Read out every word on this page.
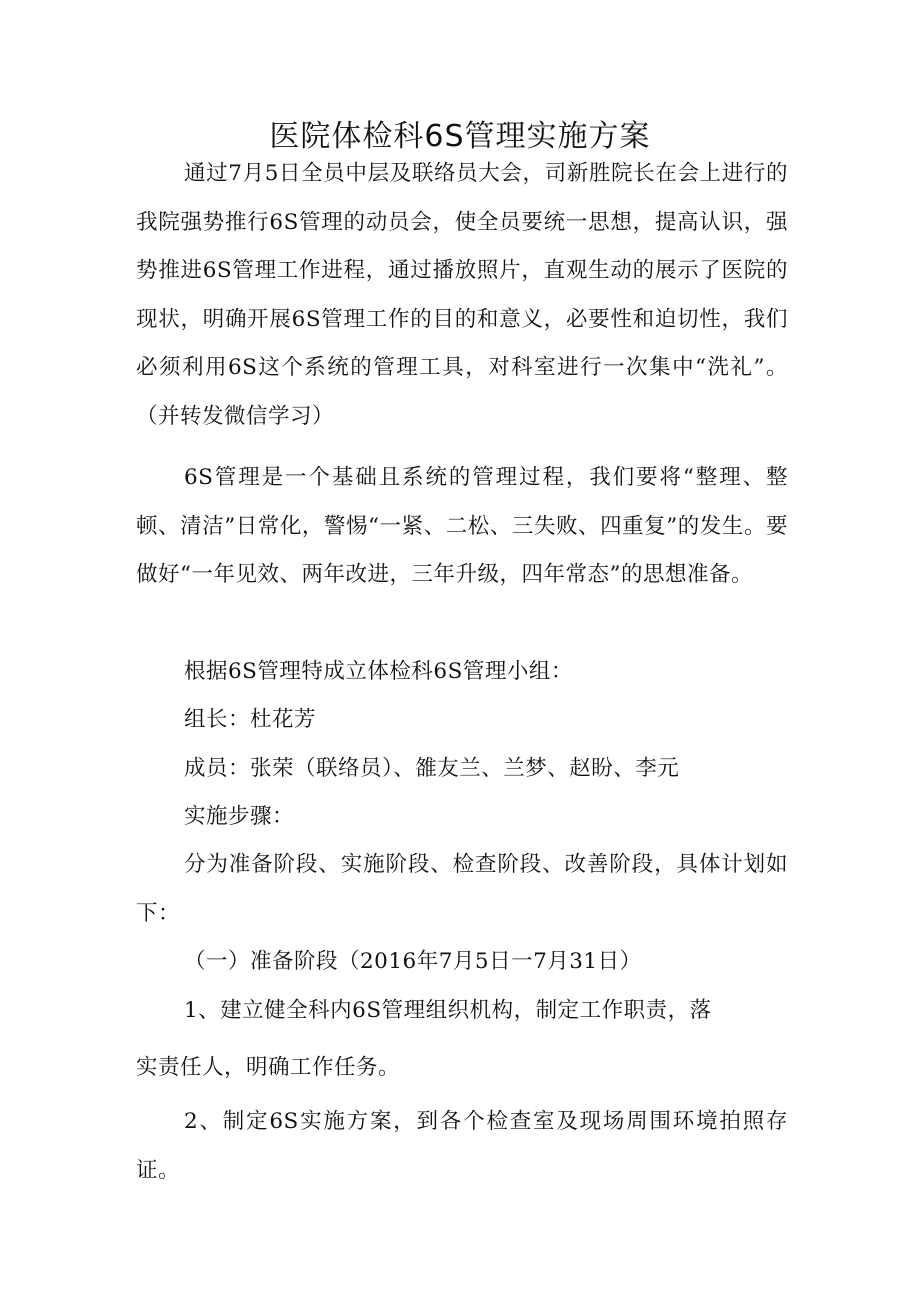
医院体检科6S管理实施方案

通过7月5日全员中层及联络员大会，司新胜院长在会上进行的我院强势推行6S管理的动员会，使全员要统一思想，提高认识，强势推进6S管理工作进程，通过播放照片，直观生动的展示了医院的现状，明确开展6S管理工作的目的和意义，必要性和迫切性，我们必须利用6S这个系统的管理工具，对科室进行一次集中“洗礼”。（并转发微信学习）

6S管理是一个基础且系统的管理过程，我们要将“整理、整顿、清洁”日常化，警惕“一紧、二松、三失败、四重复”的发生。要做好“一年见效、两年改进，三年升级，四年常态”的思想准备。

根据6S管理特成立体检科6S管理小组：

组长：杜花芳

成员：张荣（联络员）、雒友兰、兰梦、赵盼、李元

实施步骤：

分为准备阶段、实施阶段、检查阶段、改善阶段，具体计划如下：

（一）准备阶段（2016年7月5日一7月31日）

1、建立健全科内6S管理组织机构，制定工作职责，落

实责任人，明确工作任务。

2、制定6S实施方案，到各个检查室及现场周围环境拍照存证。
